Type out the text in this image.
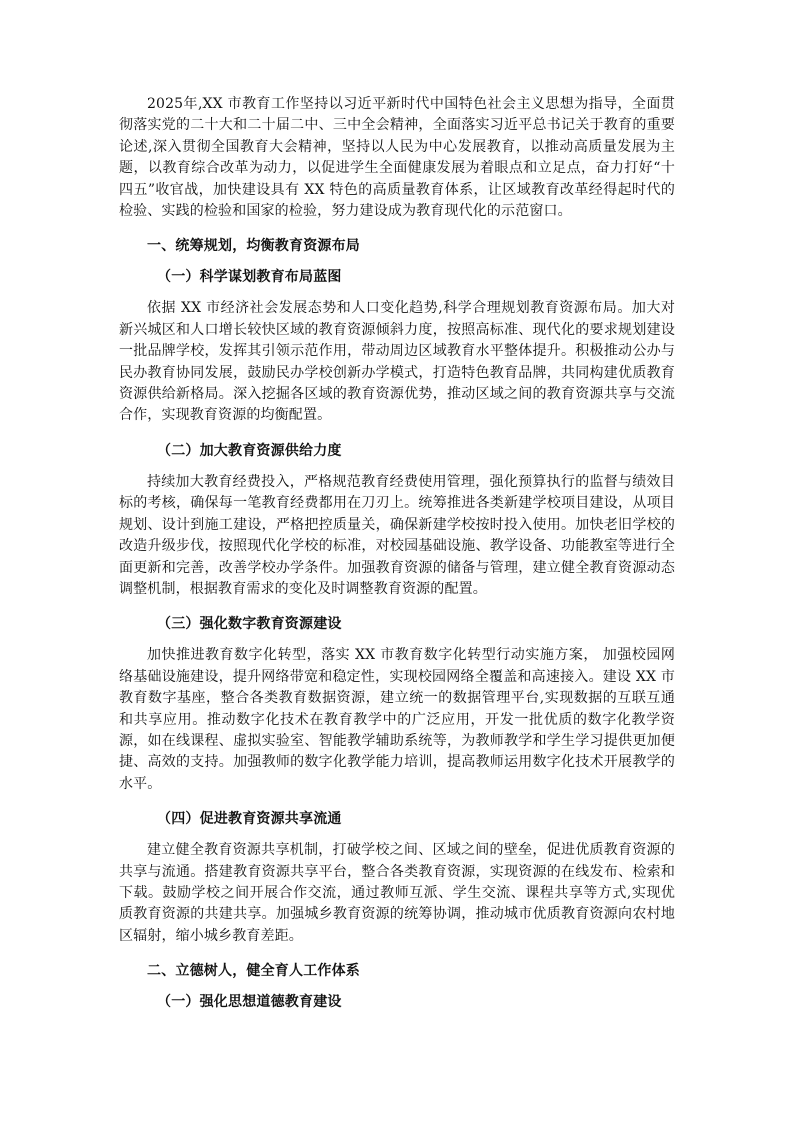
2025年,XX 市教育工作坚持以习近平新时代中国特色社会主义思想为指导，全面贯彻落实党的二十大和二十届二中、三中全会精神，全面落实习近平总书记关于教育的重要论述,深入贯彻全国教育大会精神，坚持以人民为中心发展教育，以推动高质量发展为主题，以教育综合改革为动力，以促进学生全面健康发展为着眼点和立足点，奋力打好“十四五”收官战，加快建设具有 XX 特色的高质量教育体系，让区域教育改革经得起时代的检验、实践的检验和国家的检验，努力建设成为教育现代化的示范窗口。

一、统筹规划，均衡教育资源布局

（一）科学谋划教育布局蓝图

依据 XX 市经济社会发展态势和人口变化趋势,科学合理规划教育资源布局。加大对新兴城区和人口增长较快区域的教育资源倾斜力度，按照高标准、现代化的要求规划建设一批品牌学校，发挥其引领示范作用，带动周边区域教育水平整体提升。积极推动公办与民办教育协同发展，鼓励民办学校创新办学模式，打造特色教育品牌，共同构建优质教育资源供给新格局。深入挖掘各区域的教育资源优势，推动区域之间的教育资源共享与交流合作，实现教育资源的均衡配置。

（二）加大教育资源供给力度

持续加大教育经费投入，严格规范教育经费使用管理，强化预算执行的监督与绩效目标的考核，确保每一笔教育经费都用在刀刃上。统筹推进各类新建学校项目建设，从项目规划、设计到施工建设，严格把控质量关，确保新建学校按时投入使用。加快老旧学校的改造升级步伐，按照现代化学校的标准，对校园基础设施、教学设备、功能教室等进行全面更新和完善，改善学校办学条件。加强教育资源的储备与管理，建立健全教育资源动态调整机制，根据教育需求的变化及时调整教育资源的配置。

（三）强化数字教育资源建设

加快推进教育数字化转型，落实 XX 市教育数字化转型行动实施方案， 加强校园网络基础设施建设，提升网络带宽和稳定性，实现校园网络全覆盖和高速接入。建设 XX 市教育数字基座，整合各类教育数据资源，建立统一的数据管理平台,实现数据的互联互通和共享应用。推动数字化技术在教育教学中的广泛应用，开发一批优质的数字化教学资源，如在线课程、虚拟实验室、智能教学辅助系统等，为教师教学和学生学习提供更加便捷、高效的支持。加强教师的数字化教学能力培训，提高教师运用数字化技术开展教学的水平。

（四）促进教育资源共享流通

建立健全教育资源共享机制，打破学校之间、区域之间的壁垒，促进优质教育资源的共享与流通。搭建教育资源共享平台，整合各类教育资源，实现资源的在线发布、检索和下载。鼓励学校之间开展合作交流，通过教师互派、学生交流、课程共享等方式,实现优质教育资源的共建共享。加强城乡教育资源的统筹协调，推动城市优质教育资源向农村地区辐射，缩小城乡教育差距。

二、立德树人，健全育人工作体系

（一）强化思想道德教育建设
